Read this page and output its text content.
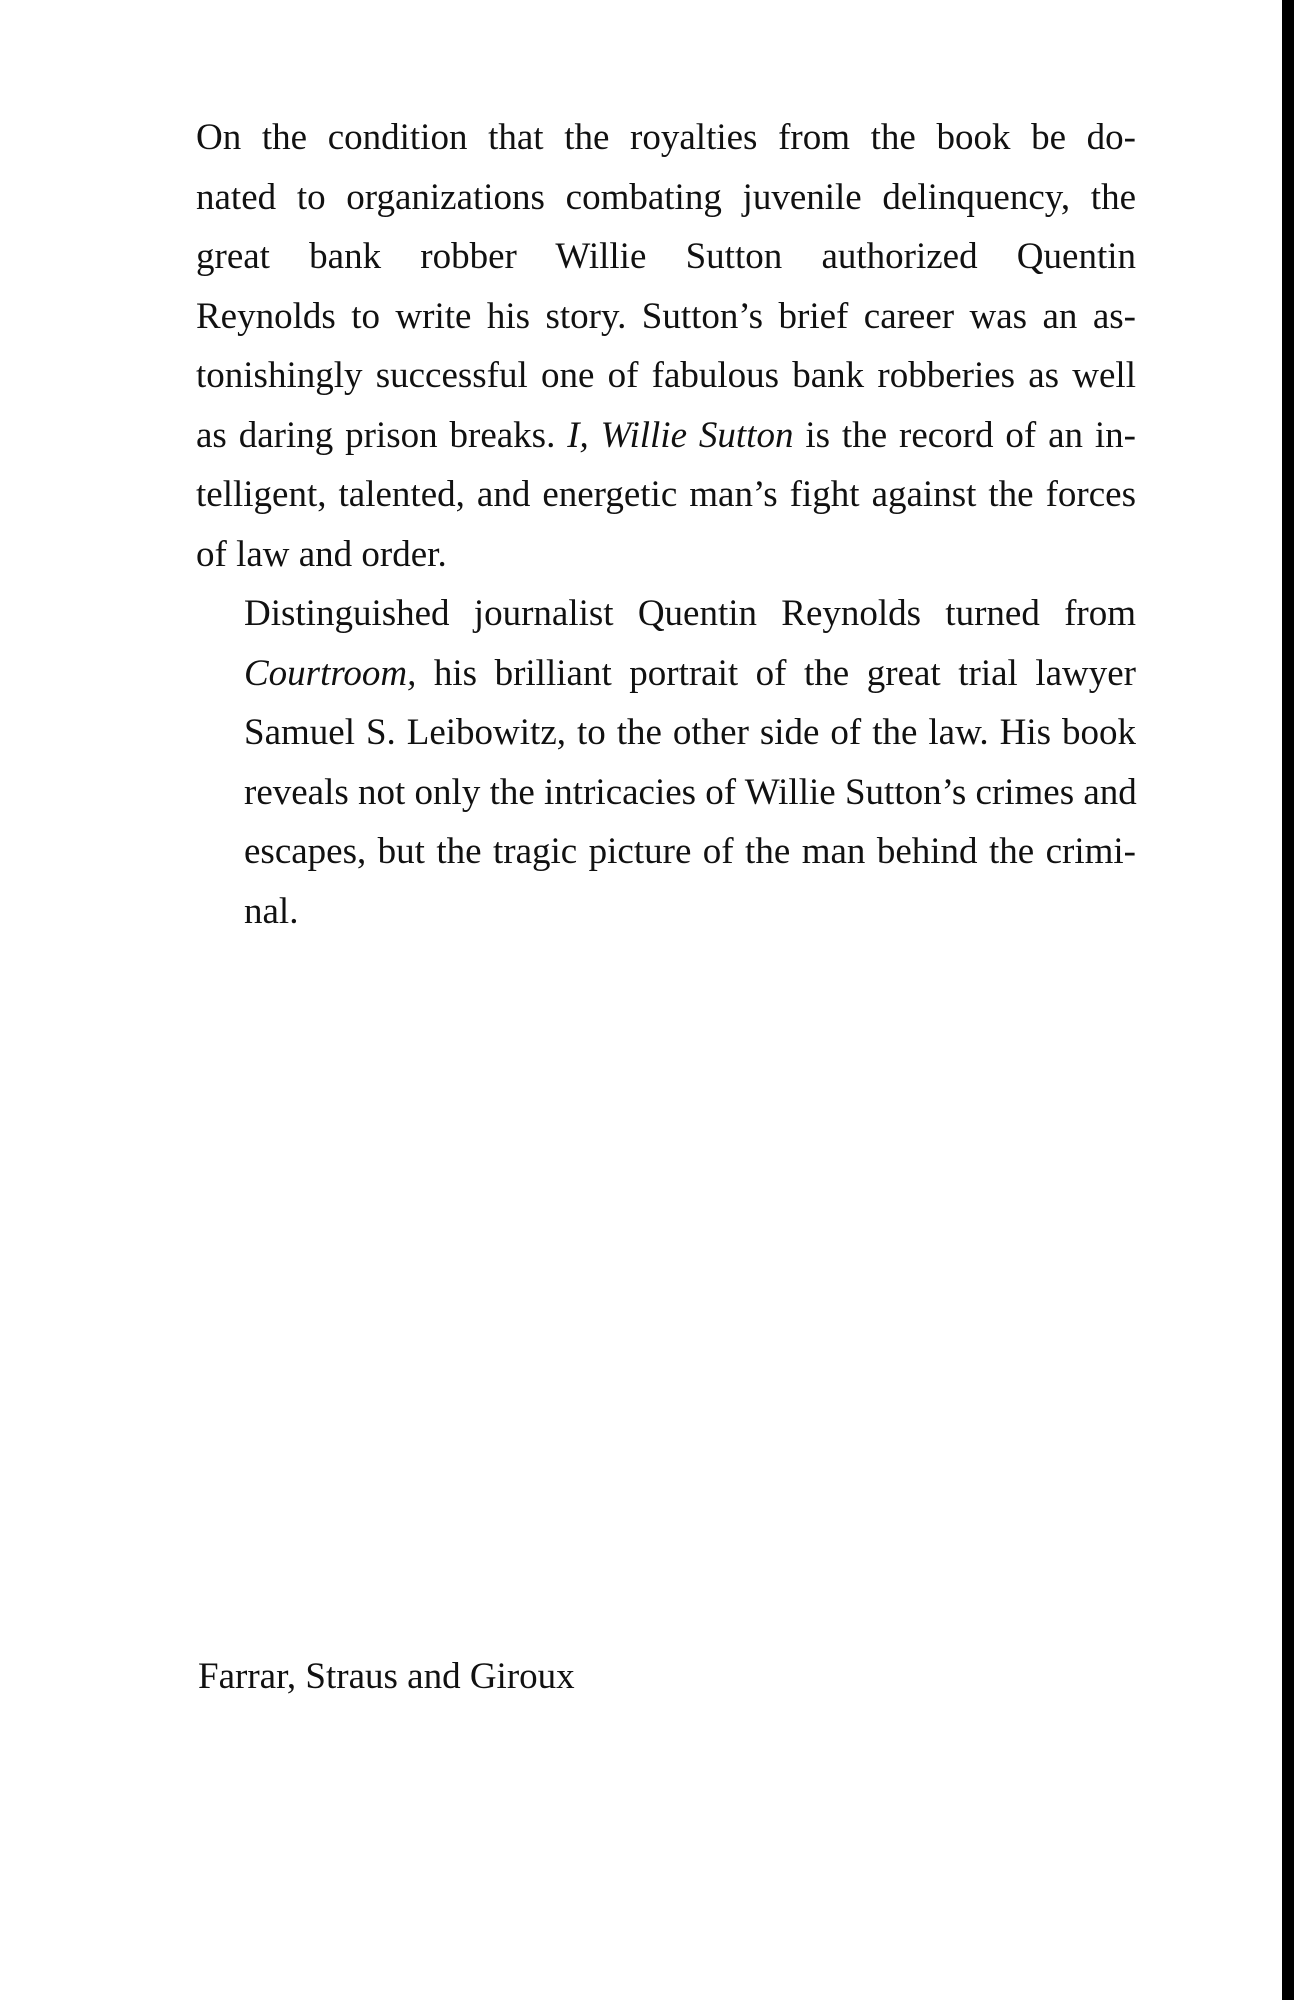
On the condition that the royalties from the book be do-
nated to organizations combating juvenile delinquency, the
great bank robber Willie Sutton authorized Quentin
Reynolds to write his story. Sutton’s brief career was an as-
tonishingly successful one of fabulous bank robberies as well
as daring prison breaks. I, Willie Sutton is the record of an in-
telligent, talented, and energetic man’s fight against the forces
of law and order.

Distinguished journalist Quentin Reynolds turned from
Courtroom, his brilliant portrait of the great trial lawyer
Samuel S. Leibowitz, to the other side of the law. His book
reveals not only the intricacies of Willie Sutton’s crimes and
escapes, but the tragic picture of the man behind the crimi-
nal.

Farrar, Straus and Giroux
